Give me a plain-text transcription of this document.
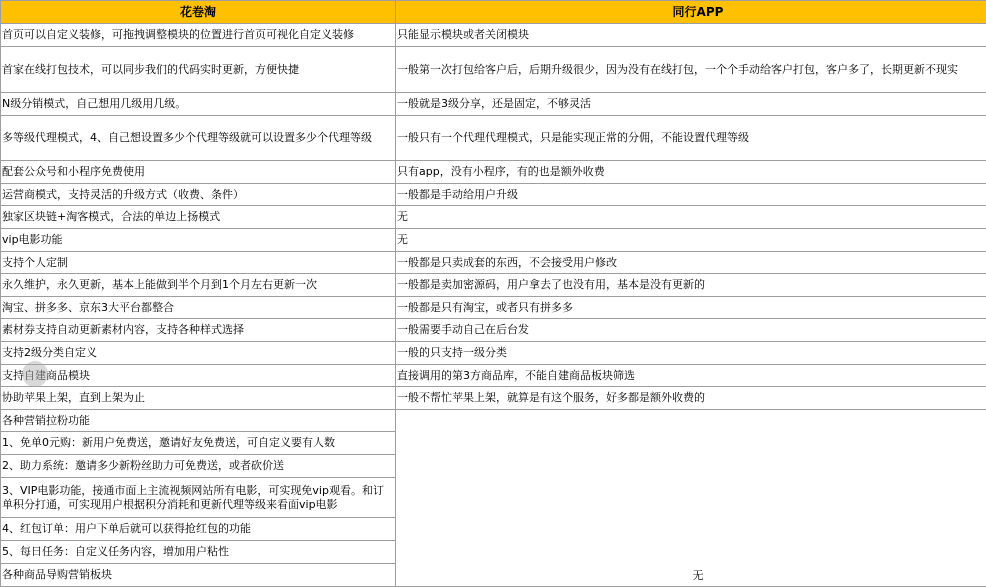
花卷淘	同行APP
首页可以自定义装修，可拖拽调整模块的位置进行首页可视化自定义装修	只能显示模块或者关闭模块
首家在线打包技术，可以同步我们的代码实时更新，方便快捷	一般第一次打包给客户后，后期升级很少，因为没有在线打包，一个个手动给客户打包，客户多了，长期更新不现实
N级分销模式，自己想用几级用几级。	一般就是3级分享，还是固定，不够灵活
多等级代理模式，4、自己想设置多少个代理等级就可以设置多少个代理等级	一般只有一个代理代理模式，只是能实现正常的分佣，不能设置代理等级
配套公众号和小程序免费使用	只有app，没有小程序，有的也是额外收费
运营商模式，支持灵活的升级方式（收费、条件）	一般都是手动给用户升级
独家区块链+淘客模式，合法的单边上扬模式	无
vip电影功能	无
支持个人定制	一般都是只卖成套的东西，不会接受用户修改
永久维护，永久更新，基本上能做到半个月到1个月左右更新一次	一般都是卖加密源码，用户拿去了也没有用，基本是没有更新的
淘宝、拼多多、京东3大平台都整合	一般都是只有淘宝，或者只有拼多多
素材券支持自动更新素材内容，支持各种样式选择	一般需要手动自己在后台发
支持2级分类自定义	一般的只支持一级分类
支持自建商品模块	直接调用的第3方商品库，不能自建商品板块筛选
协助苹果上架，直到上架为止	一般不帮忙苹果上架，就算是有这个服务，好多都是额外收费的
各种营销拉粉功能	无
1、免单0元购：新用户免费送，邀请好友免费送，可自定义要有人数	
2、助力系统：邀请多少新粉丝助力可免费送，或者砍价送	
3、VIP电影功能，接通市面上主流视频网站所有电影，可实现免vip观看。和订单积分打通，可实现用户根据积分消耗和更新代理等级来看面vip电影	
4、红包订单：用户下单后就可以获得抢红包的功能	
5、每日任务：自定义任务内容，增加用户粘性	
各种商品导购营销板块	
